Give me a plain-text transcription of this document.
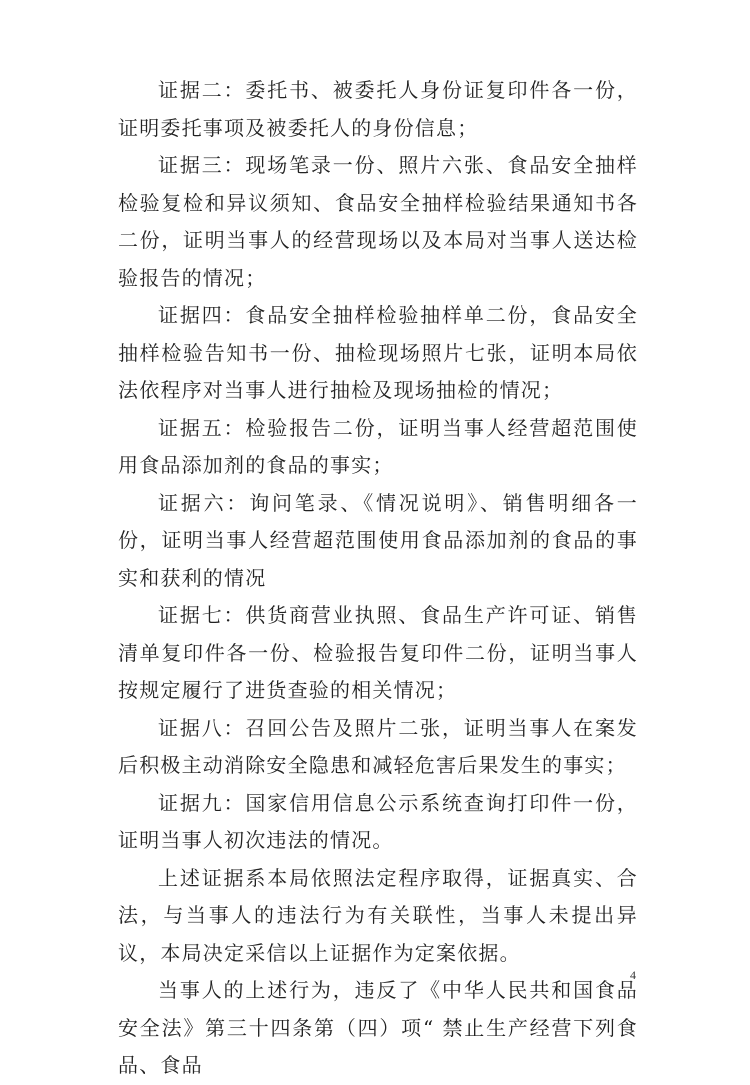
证据二：委托书、被委托人身份证复印件各一份，证明委托事项及被委托人的身份信息；

证据三：现场笔录一份、照片六张、食品安全抽样检验复检和异议须知、食品安全抽样检验结果通知书各二份，证明当事人的经营现场以及本局对当事人送达检验报告的情况；

证据四：食品安全抽样检验抽样单二份，食品安全抽样检验告知书一份、抽检现场照片七张，证明本局依法依程序对当事人进行抽检及现场抽检的情况；

证据五：检验报告二份，证明当事人经营超范围使用食品添加剂的食品的事实；

证据六：询问笔录、《情况说明》、销售明细各一份，证明当事人经营超范围使用食品添加剂的食品的事实和获利的情况

证据七：供货商营业执照、食品生产许可证、销售清单复印件各一份、检验报告复印件二份，证明当事人按规定履行了进货查验的相关情况；

证据八：召回公告及照片二张，证明当事人在案发后积极主动消除安全隐患和减轻危害后果发生的事实；

证据九：国家信用信息公示系统查询打印件一份，证明当事人初次违法的情况。

上述证据系本局依照法定程序取得，证据真实、合法，与当事人的违法行为有关联性，当事人未提出异议，本局决定采信以上证据作为定案依据。

当事人的上述行为，违反了《中华人民共和国食品安全法》第三十四条第（四）项“ 禁止生产经营下列食品、食品

4
